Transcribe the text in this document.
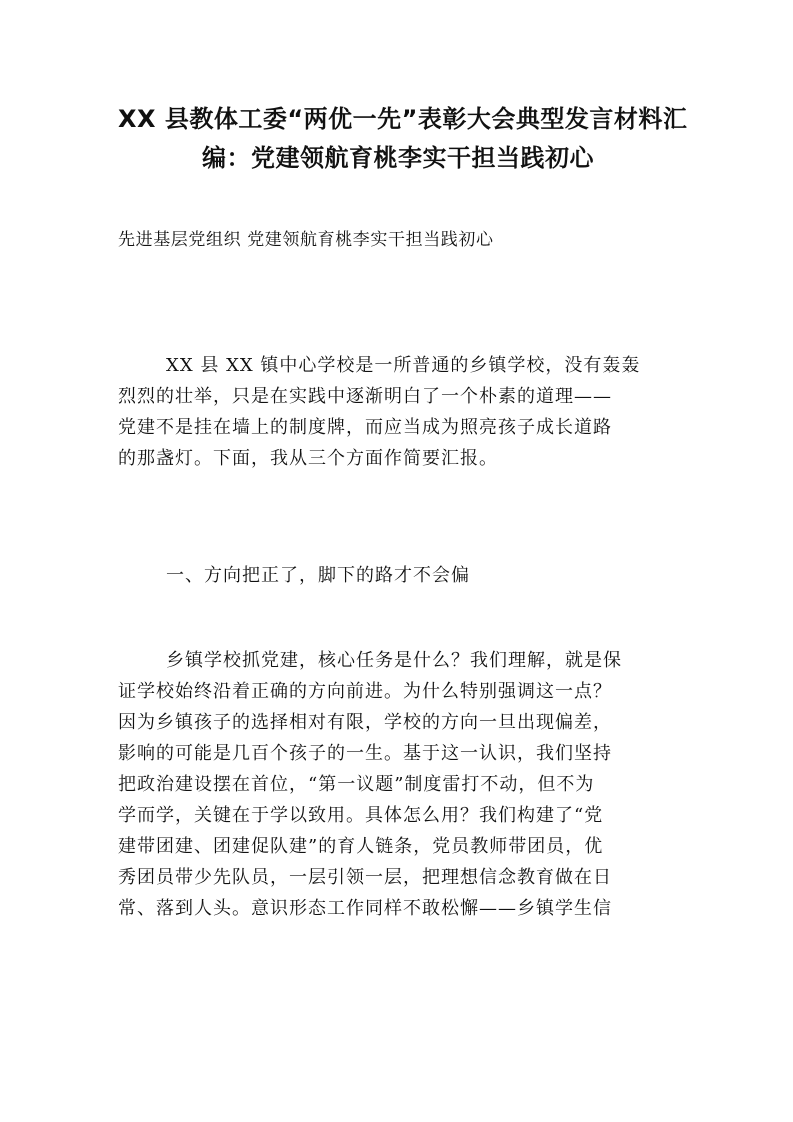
XX 县教体工委“两优一先”表彰大会典型发言材料汇
编：党建领航育桃李实干担当践初心

先进基层党组织 党建领航育桃李实干担当践初心

XX 县 XX 镇中心学校是一所普通的乡镇学校，没有轰轰
烈烈的壮举，只是在实践中逐渐明白了一个朴素的道理——
党建不是挂在墙上的制度牌，而应当成为照亮孩子成长道路
的那盏灯。下面，我从三个方面作简要汇报。
一、方向把正了，脚下的路才不会偏
乡镇学校抓党建，核心任务是什么？我们理解，就是保
证学校始终沿着正确的方向前进。为什么特别强调这一点？
因为乡镇孩子的选择相对有限，学校的方向一旦出现偏差，
影响的可能是几百个孩子的一生。基于这一认识，我们坚持
把政治建设摆在首位，“第一议题”制度雷打不动，但不为
学而学，关键在于学以致用。具体怎么用？我们构建了“党
建带团建、团建促队建”的育人链条，党员教师带团员，优
秀团员带少先队员，一层引领一层，把理想信念教育做在日
常、落到人头。意识形态工作同样不敢松懈——乡镇学生信
